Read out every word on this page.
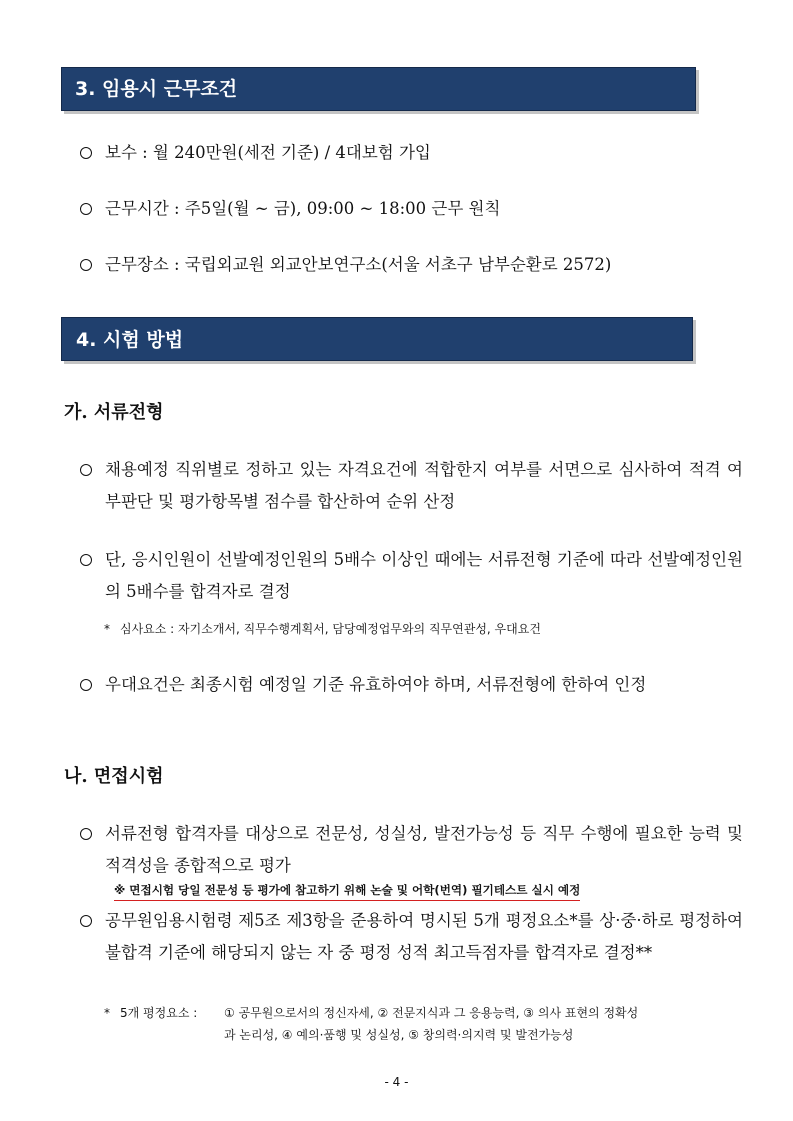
3. 임용시 근무조건
보수 : 월 240만원(세전 기준) / 4대보험 가입
근무시간 : 주5일(월 ~ 금), 09:00 ~ 18:00 근무 원칙
근무장소 : 국립외교원 외교안보연구소(서울 서초구 남부순환로 2572)
4. 시험 방법
가. 서류전형
채용예정 직위별로 정하고 있는 자격요건에 적합한지 여부를 서면으로 심사하여 적격 여부판단 및 평가항목별 점수를 합산하여 순위 산정
단, 응시인원이 선발예정인원의 5배수 이상인 때에는 서류전형 기준에 따라 선발예정인원의 5배수를 합격자로 결정
* 심사요소 : 자기소개서, 직무수행계획서, 담당예정업무와의 직무연관성, 우대요건
우대요건은 최종시험 예정일 기준 유효하여야 하며, 서류전형에 한하여 인정
나. 면접시험
서류전형 합격자를 대상으로 전문성, 성실성, 발전가능성 등 직무 수행에 필요한 능력 및 적격성을 종합적으로 평가
※ 면접시험 당일 전문성 등 평가에 참고하기 위해 논술 및 어학(번역) 필기테스트 실시 예정
공무원임용시험령 제5조 제3항을 준용하여 명시된 5개 평정요소*를 상·중·하로 평정하여 불합격 기준에 해당되지 않는 자 중 평정 성적 최고득점자를 합격자로 결정**
* 5개 평정요소 : ① 공무원으로서의 정신자세, ② 전문지식과 그 응용능력, ③ 의사 표현의 정확성
과 논리성, ④ 예의·품행 및 성실성, ⑤ 창의력·의지력 및 발전가능성
- 4 -
